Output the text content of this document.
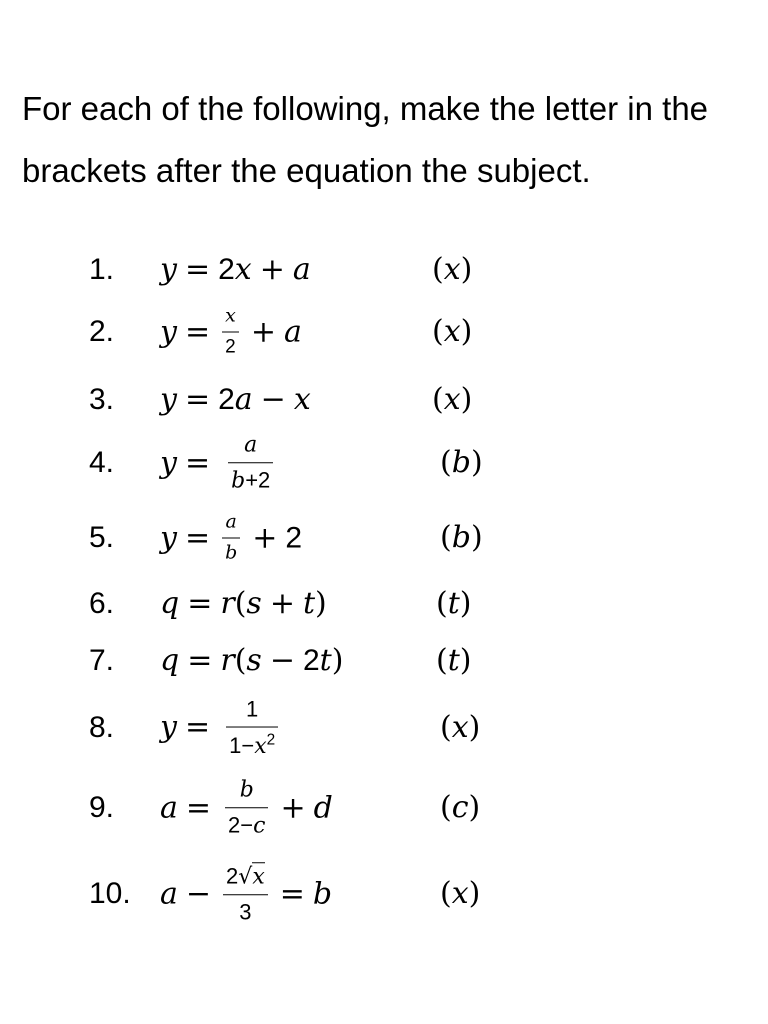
For each of the following, make the letter in the brackets after the equation the subject.

1. y = 2 x + a	(x)
2. $y = \frac{x}{2} + a$	(x)
3. y = 2 a − x	(x)
4. $y = \frac{a}{b+2}$	(b)
5. $y = \frac{a}{b} + 2$	(b)
6. q = r ( s + t )	(t)
7. q = r ( s − 2 t )	(t)
8. $y = \frac{1}{1-x^2}$	(x)
9. $a = \frac{b}{2-c} + d$	(c)
10. $a - \frac{2√x}{3} = b$	(x)
